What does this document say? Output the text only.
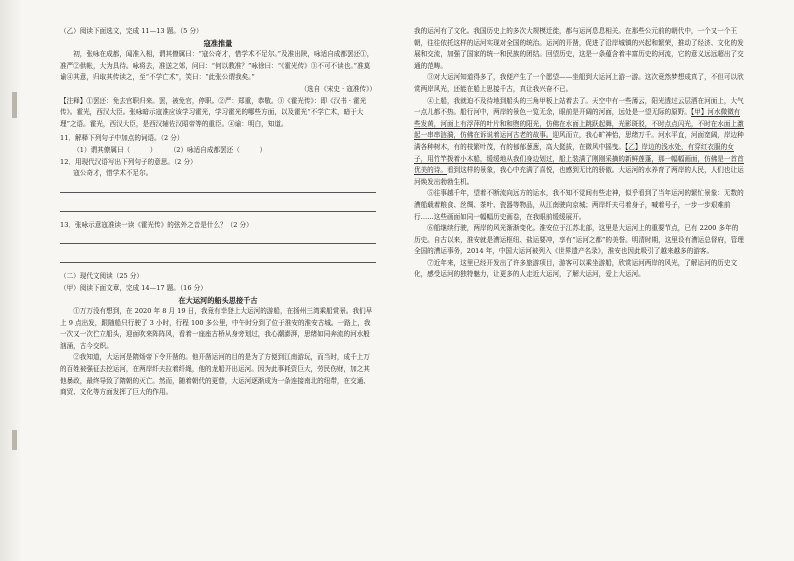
（乙）阅读下面选文，完成 11—13 题。（5 分）

寇准推量

初，张咏在成都，闻准入相，谓其僚属曰：“寇公奇才，惜学术不足尔。”及准出陕，咏适自成都罢还①，准严②供帐，大为具待。咏将去，准送之郊，问曰：“何以教准？”咏徐曰：“《霍光传》③不可不读也。”准莫谕④其意，归取其传读之，至“不学亡术”，笑曰：“此张公谓我矣。”

（选自《宋史 · 寇准传》）

【注释】①罢还：免去官职归来。罢，被免官，停职。②严：郑重，恭敬。③《霍光传》：即《汉书 · 霍光传》。霍光，西汉大臣。张咏暗示寇准应该学习霍光，学习霍光的哪些方面，以及霍光“不学亡术，暗于大理”之语。霍光，西汉大臣，是西汉辅佐汉昭帝等的重臣。④谕：明白，知道。

11．解释下列句子中加点的词语。（2 分）

（1）谓其僚属曰（　　　）　　　（2）咏适自成都罢还（　　　）

12．用现代汉语写出下列句子的意思。（2 分）

寇公奇才，惜学术不足尔。

13．张咏示意寇准读一读《霍光传》的弦外之音是什么？（2 分）

（二）现代文阅读（25 分）

（甲）阅读下面文章，完成 14—17 题。（16 分）

在大运河的船头思接千古

①万万没有想到，在 2020 年 8 月 19 日，我竟有幸登上大运河的游船，在扬州三湾乘船赏景。我们早上 9 点出发，跟随船只行驶了 3 小时，行程 100 多公里，中午时分到了位于淮安的淮安古城。一路上，我一次又一次伫立船头，迎面吹来阵阵风，看着一座座古桥从身旁划过，我心潮澎湃，思绪如同奔流的河水般汹涌，古今交织。

②我知道，大运河是隋炀帝下令开凿的。他开凿运河的目的是为了方便到江南游玩，而当时，成千上万的百姓被强征去挖运河，在两岸纤夫拉着纤绳，他的龙船开出运河。因为此事耗资巨大，劳民伤财，加之其他暴政，最终导致了隋朝的灭亡。然而，随着朝代的更替，大运河逐渐成为一条连接南北的纽带，在交通、商贸、文化等方面发挥了巨大的作用。

我的运河有了文化。我国历史上的多次大规模迁徙，都与运河息息相关。在那些公元前的朝代中，一个又一个王朝，往往依托这样的运河实现对全国的统治。运河的开凿，促进了沿岸城镇的兴起和繁荣，推动了经济、文化的发展和交流，加强了国家的统一和民族的团结。回望历史，这是一条蕴含着丰富历史的河流，它的意义远远超出了交通的范畴。

③对大运河知道得多了，我便产生了一个愿望——坐船到大运河上游一游。这次竟然梦想成真了，不但可以欣赏两岸风光，还能在船上思接千古，真让我兴奋不已。

④上船，我就迫不及待地到船头的三角甲板上站着去了。天空中有一些薄云，阳光透过云层洒在河面上，大气一点儿都不热。船行河中，两岸的景色一览无余，眼前是开阔的河面，远处是一望无际的原野。【甲】河水微微有些发黄，河面上有浮萍的叶片和和煦的阳光，仿佛在水面上跳跃起舞，光影斑驳，不时点点闪光，不时在水面上激起一串串涟漪，仿佛在诉说着运河古老的故事。迎风而立，我心旷神怡，思绪万千。河水平直，河面宽阔，岸边种满各种树木，有的枝繁叶茂，有的郁郁葱葱，高大挺拔，在微风中摇曳。【乙】岸边的浅水处，有穿红衣服的女子，用竹竿拨着小木船，缓缓地从我们身边划过，船上装满了刚刚采摘的新鲜莲蓬，那一幅幅画面，仿佛是一首首优美的诗。看到这样的景象，我心中充满了喜悦，也感到无比的骄傲。大运河的水养育了两岸的人民，人们也让运河焕发出勃勃生机。

⑤往事越千年，望着不断流向远方的运水，我不知不觉间有些走神，似乎看到了当年运河的繁忙景象：无数的漕船载着粮食、丝绸、茶叶、瓷器等物品，从江南驶向京城；两岸纤夫弓着身子，喊着号子，一步一步艰难前行……这些画面如同一幅幅历史画卷，在我眼前缓缓展开。

⑥船继续行驶，两岸的风光渐渐变化。淮安位于江苏北部，这里是大运河上的重要节点，已有 2200 多年的历史。自古以来，淮安就是漕运枢纽、盐运要冲，享有“运河之都”的美誉。明清时期，这里设有漕运总督府，管理全国的漕运事务，2014 年，中国大运河被列入《世界遗产名录》，淮安也因此吸引了越来越多的游客。

⑦近年来，这里已经开发出了许多旅游项目，游客可以乘坐游船，欣赏运河两岸的风光，了解运河的历史文化，感受运河的独特魅力，让更多的人走近大运河，了解大运河，爱上大运河。
